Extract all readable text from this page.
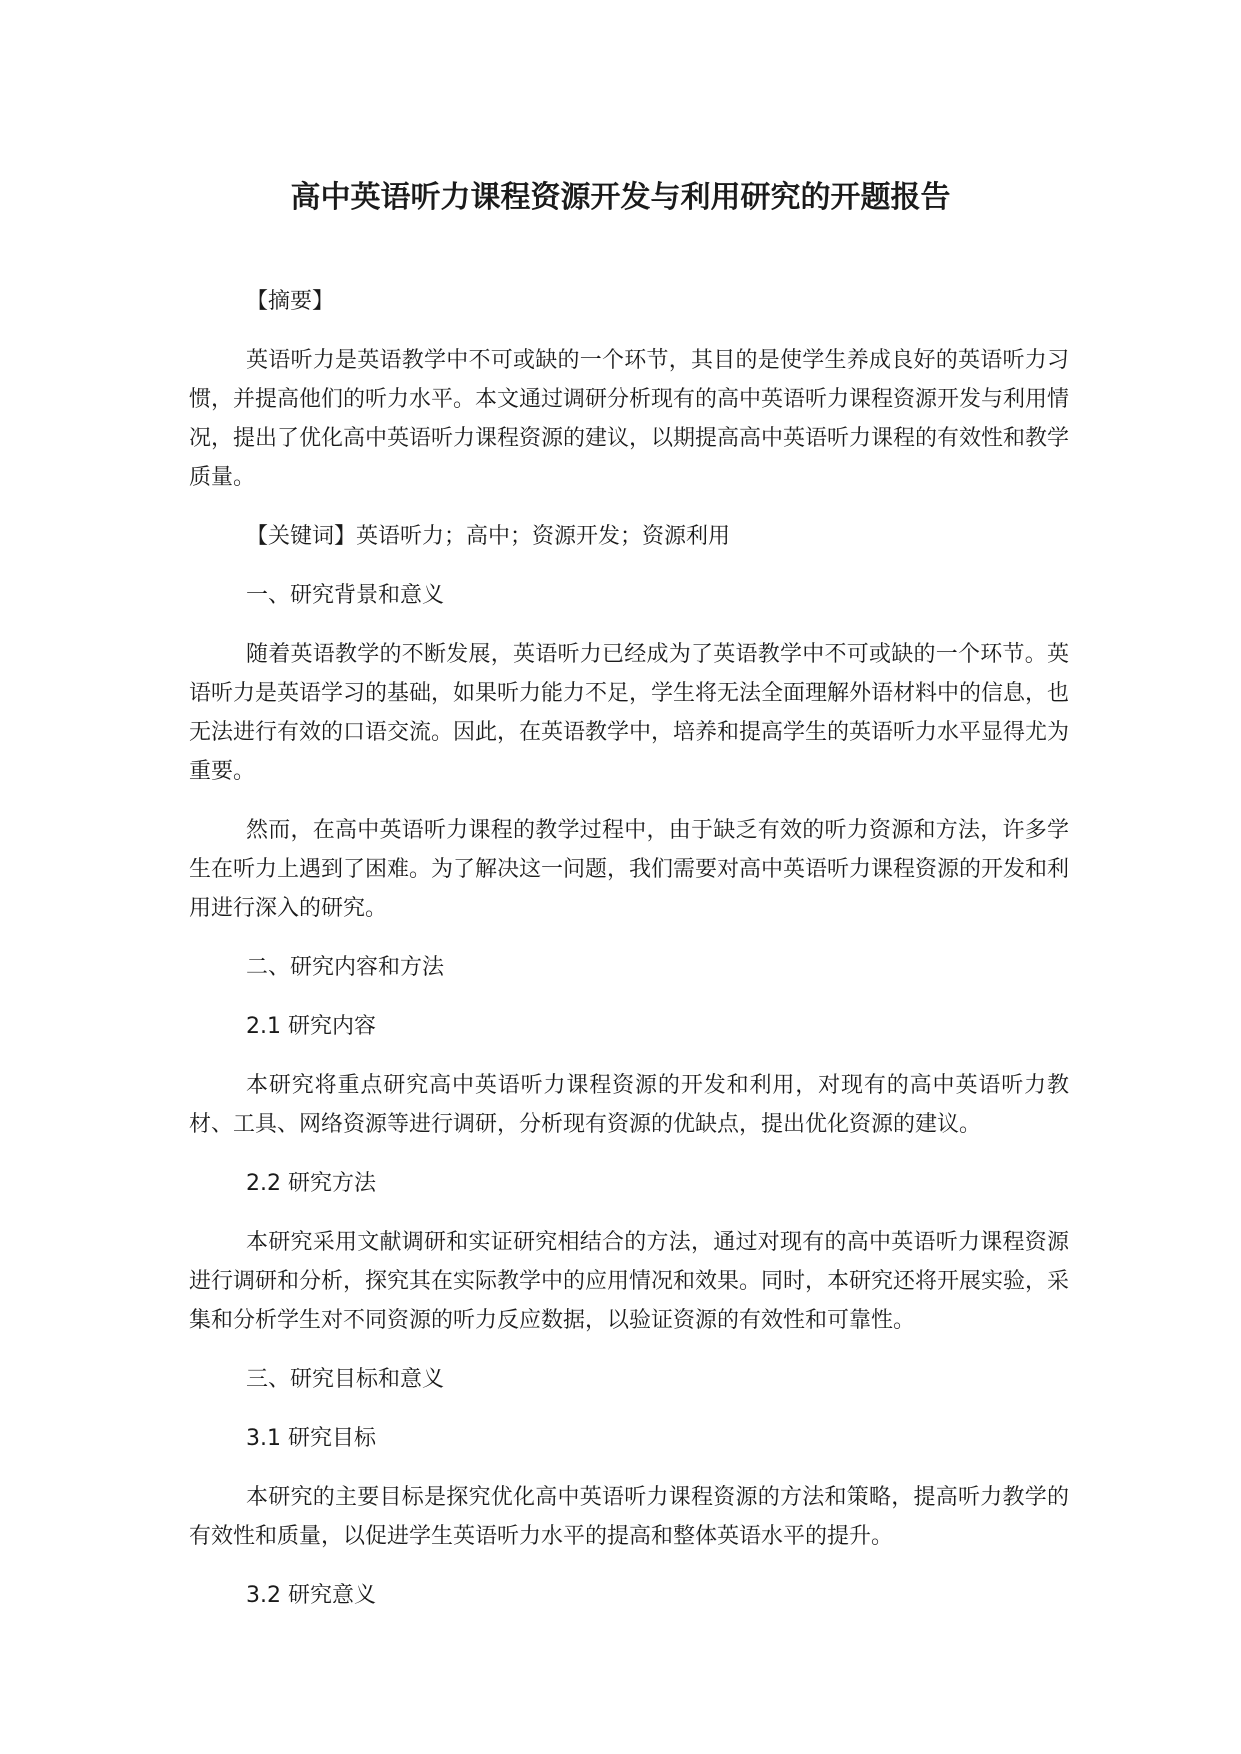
高中英语听力课程资源开发与利用研究的开题报告

【摘要】

英语听力是英语教学中不可或缺的一个环节，其目的是使学生养成良好的英语听力习惯，并提高他们的听力水平。本文通过调研分析现有的高中英语听力课程资源开发与利用情况，提出了优化高中英语听力课程资源的建议，以期提高高中英语听力课程的有效性和教学质量。

【关键词】英语听力；高中；资源开发；资源利用

一、研究背景和意义

随着英语教学的不断发展，英语听力已经成为了英语教学中不可或缺的一个环节。英语听力是英语学习的基础，如果听力能力不足，学生将无法全面理解外语材料中的信息，也无法进行有效的口语交流。因此，在英语教学中，培养和提高学生的英语听力水平显得尤为重要。

然而，在高中英语听力课程的教学过程中，由于缺乏有效的听力资源和方法，许多学生在听力上遇到了困难。为了解决这一问题，我们需要对高中英语听力课程资源的开发和利用进行深入的研究。

二、研究内容和方法

2.1 研究内容

本研究将重点研究高中英语听力课程资源的开发和利用，对现有的高中英语听力教材、工具、网络资源等进行调研，分析现有资源的优缺点，提出优化资源的建议。

2.2 研究方法

本研究采用文献调研和实证研究相结合的方法，通过对现有的高中英语听力课程资源进行调研和分析，探究其在实际教学中的应用情况和效果。同时，本研究还将开展实验，采集和分析学生对不同资源的听力反应数据，以验证资源的有效性和可靠性。

三、研究目标和意义

3.1 研究目标

本研究的主要目标是探究优化高中英语听力课程资源的方法和策略，提高听力教学的有效性和质量，以促进学生英语听力水平的提高和整体英语水平的提升。

3.2 研究意义
